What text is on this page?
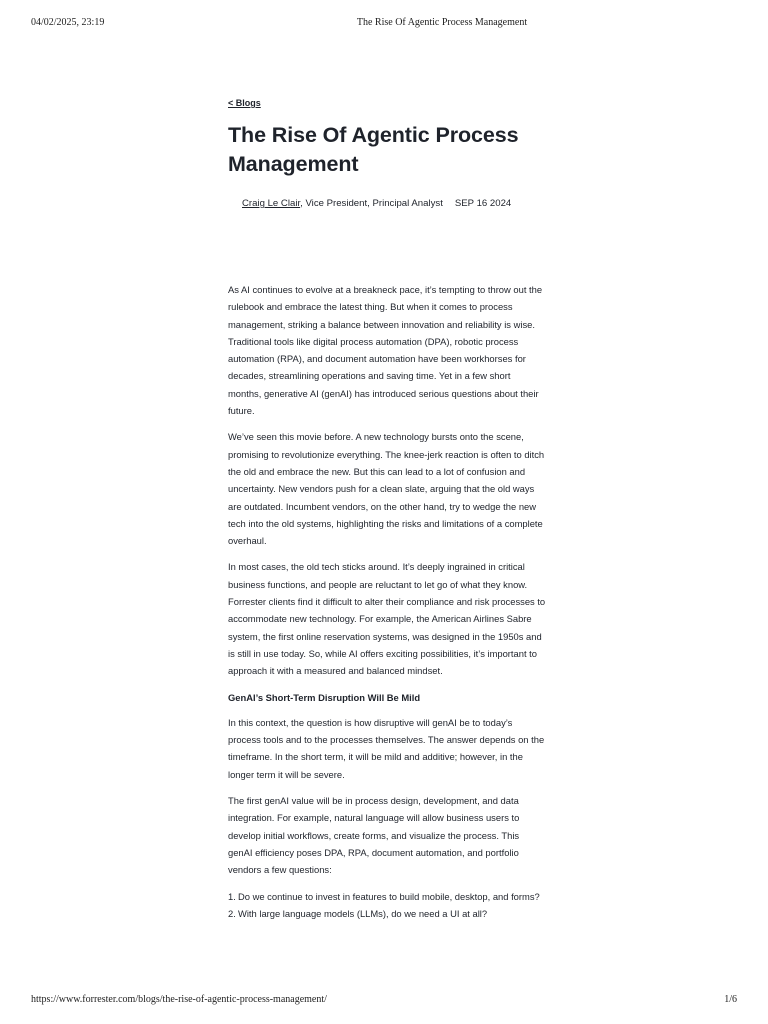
04/02/2025, 23:19	The Rise Of Agentic Process Management
< Blogs
The Rise Of Agentic Process Management
Craig Le Clair, Vice President, Principal Analyst SEP 16 2024

As AI continues to evolve at a breakneck pace, it’s tempting to throw out the rulebook and embrace the latest thing. But when it comes to process management, striking a balance between innovation and reliability is wise. Traditional tools like digital process automation (DPA), robotic process automation (RPA), and document automation have been workhorses for decades, streamlining operations and saving time. Yet in a few short months, generative AI (genAI) has introduced serious questions about their future.

We’ve seen this movie before. A new technology bursts onto the scene, promising to revolutionize everything. The knee-jerk reaction is often to ditch the old and embrace the new. But this can lead to a lot of confusion and uncertainty. New vendors push for a clean slate, arguing that the old ways are outdated. Incumbent vendors, on the other hand, try to wedge the new tech into the old systems, highlighting the risks and limitations of a complete overhaul.

In most cases, the old tech sticks around. It’s deeply ingrained in critical business functions, and people are reluctant to let go of what they know. Forrester clients find it difficult to alter their compliance and risk processes to accommodate new technology. For example, the American Airlines Sabre system, the first online reservation systems, was designed in the 1950s and is still in use today. So, while AI offers exciting possibilities, it’s important to approach it with a measured and balanced mindset.

GenAI’s Short-Term Disruption Will Be Mild

In this context, the question is how disruptive will genAI be to today’s process tools and to the processes themselves. The answer depends on the timeframe. In the short term, it will be mild and additive; however, in the longer term it will be severe.

The first genAI value will be in process design, development, and data integration. For example, natural language will allow business users to develop initial workflows, create forms, and visualize the process. This genAI efficiency poses DPA, RPA, document automation, and portfolio vendors a few questions:

1. Do we continue to invest in features to build mobile, desktop, and forms?
2. With large language models (LLMs), do we need a UI at all?
https://www.forrester.com/blogs/the-rise-of-agentic-process-management/	1/6
